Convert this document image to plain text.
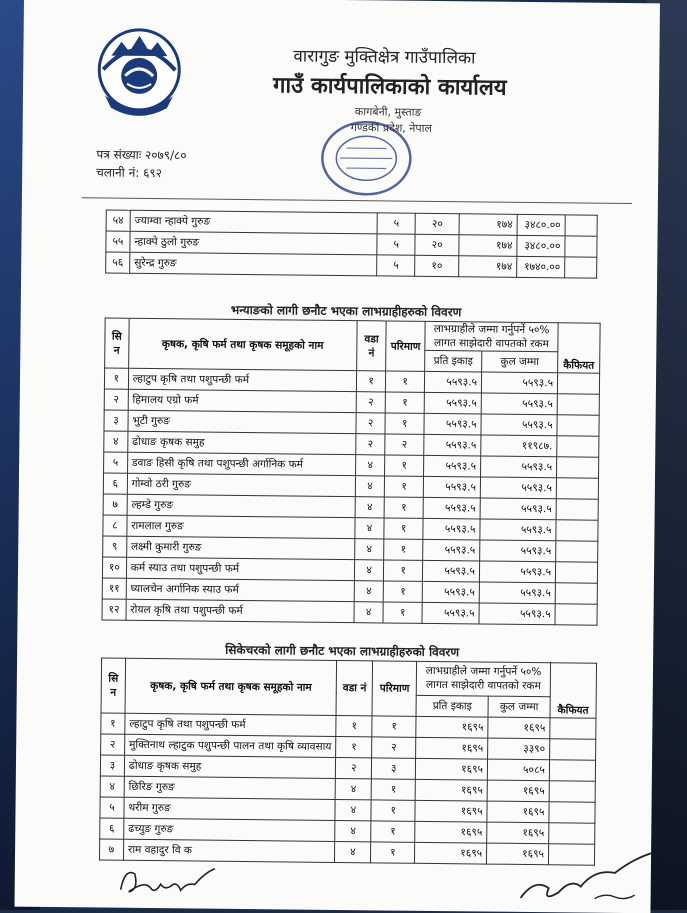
वारागुङ मुक्तिक्षेत्र गाउँपालिका
गाउँ कार्यपालिकाको कार्यालय
कागबेनी, मुस्ताङ
गण्डकी प्रदेश, नेपाल
पत्र संख्याः २०७९/८०
चलानी नं: ६९२
५४	ज्याम्वा न्हाक्पे गुरुङ	५	२०	१७४	३४८०.००	
५५	न्हाक्पे ठुलो गुरुङ	५	२०	१७४	३४८०.००	
५६	सुरेन्द्र गुरुङ	५	१०	१७४	१७४०.००	
भन्याङको लागी छनौट भएका लाभग्राहीहरुको विवरण
सि न	कृषक, कृषि फर्म तथा कृषक समूहको नाम	वडा नं	परिमाण	लाभग्राहीले जम्मा गर्नुपर्ने ५०% लागत साझेदारी वापतको रकम		कैफियत
				प्रति इकाइ	कुल जम्मा	
१	ल्हाटुप कृषि तथा पशुपन्छी फर्म	१	१	५५९३.५	५५९३.५	
२	हिमालय एग्रो फर्म	२	१	५५९३.५	५५९३.५	
३	भुटी गुरुङ	२	१	५५९३.५	५५९३.५	
४	ढोधाङ कृषक समुह	२	२	५५९३.५	११९८७.	
५	डवाङ हिसी कृषि तथा पशुपन्छी अर्गानिक फर्म	४	१	५५९३.५	५५९३.५	
६	गोम्वो ठरी गुरुङ	४	१	५५९३.५	५५९३.५	
७	ल्हम्डे गुरुङ	४	१	५५९३.५	५५९३.५	
८	रामलाल गुरुङ	४	१	५५९३.५	५५९३.५	
९	लक्ष्मी कुमारी गुरुङ	४	१	५५९३.५	५५९३.५	
१०	कर्म स्याउ तथा पशुपन्छी फर्म	४	१	५५९३.५	५५९३.५	
११	घ्यालचेन अर्गानिक स्याउ फर्म	४	१	५५९३.५	५५९३.५	
१२	रोयल कृषि तथा पशुपन्छी फर्म	४	१	५५९३.५	५५९३.५	
सिकेचरको लागी छनौट भएका लाभग्राहीहरुको विवरण
सि न	कृषक, कृषि फर्म तथा कृषक समूहको नाम	वडा नं	परिमाण	लाभग्राहीले जम्मा गर्नुपर्ने ५०% लागत साझेदारी वापतको रकम		कैफियत
				प्रति इकाइ	कुल जम्मा	
१	ल्हाटुप कृषि तथा पशुपन्छी फर्म	१	१	१६९५	१६९५	
२	मुक्तिनाथ ल्हाटुक पशुपन्छी पालन तथा कृषि व्यावसाय	१	२	१६९५	३३९०	
३	ढोधाङ कृषक समुह	२	३	१६९५	५०८५	
४	छिरिङ गुरुङ	४	१	१६९५	१६९५	
५	थरीम गुरुङ	४	१	१६९५	१६९५	
६	ढच्युङ गुरुङ	४	१	१६९५	१६९५	
७	राम वहादुर वि क	४	१	१६९५	१६९५	
